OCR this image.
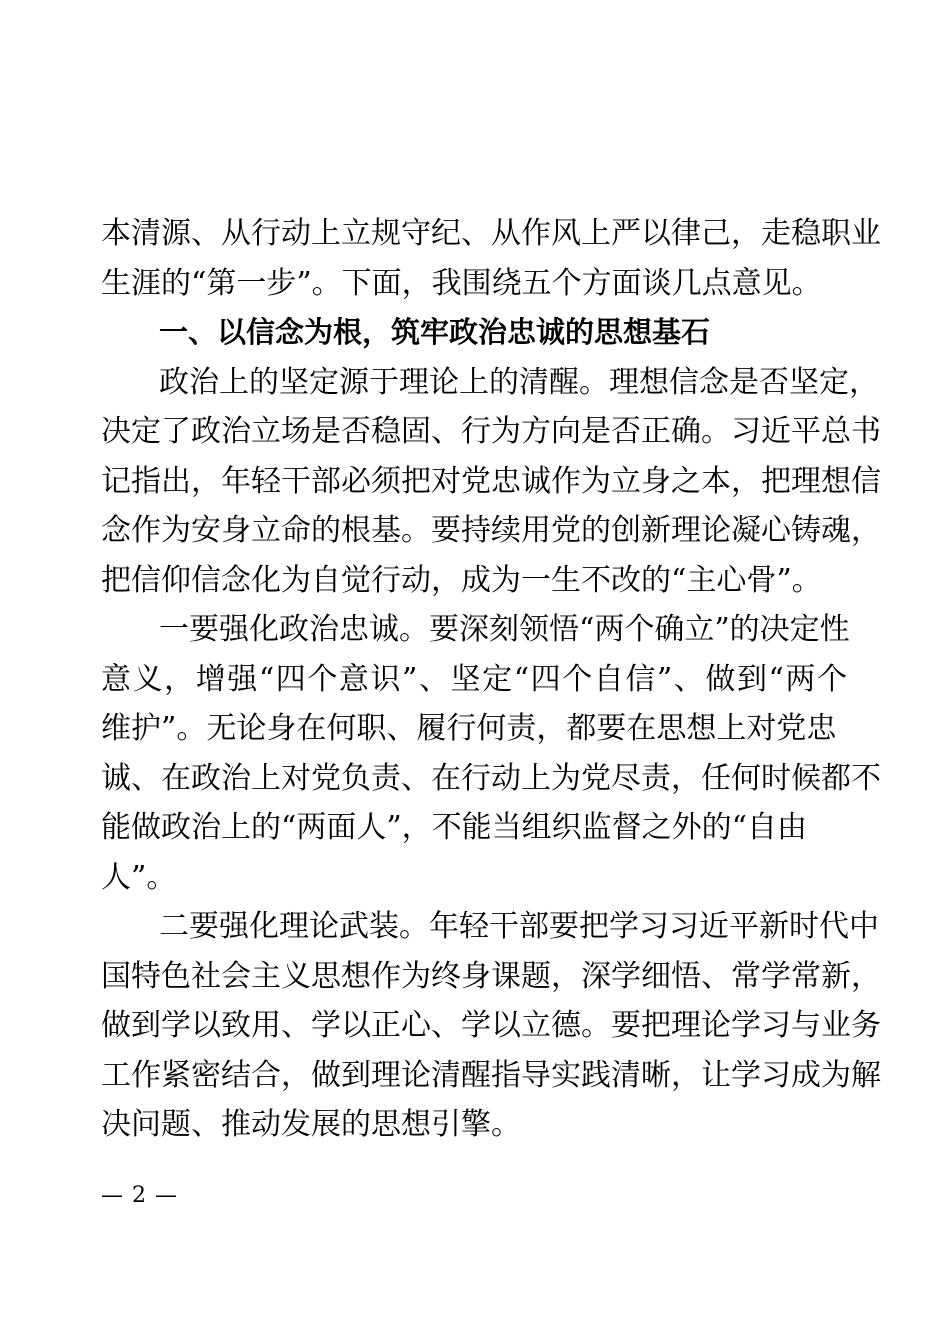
本清源、从行动上立规守纪、从作风上严以律己，走稳职业
生涯的“第一步”。下面，我围绕五个方面谈几点意见。
一、以信念为根，筑牢政治忠诚的思想基石
政治上的坚定源于理论上的清醒。理想信念是否坚定，
决定了政治立场是否稳固、行为方向是否正确。习近平总书
记指出，年轻干部必须把对党忠诚作为立身之本，把理想信
念作为安身立命的根基。要持续用党的创新理论凝心铸魂，
把信仰信念化为自觉行动，成为一生不改的“主心骨”。
一要强化政治忠诚。要深刻领悟“两个确立”的决定性
意义，增强“四个意识”、坚定“四个自信”、做到“两个
维护”。无论身在何职、履行何责，都要在思想上对党忠
诚、在政治上对党负责、在行动上为党尽责，任何时候都不
能做政治上的“两面人”，不能当组织监督之外的“自由
人”。
二要强化理论武装。年轻干部要把学习习近平新时代中
国特色社会主义思想作为终身课题，深学细悟、常学常新，
做到学以致用、学以正心、学以立德。要把理论学习与业务
工作紧密结合，做到理论清醒指导实践清晰，让学习成为解
决问题、推动发展的思想引擎。
— 2 —
